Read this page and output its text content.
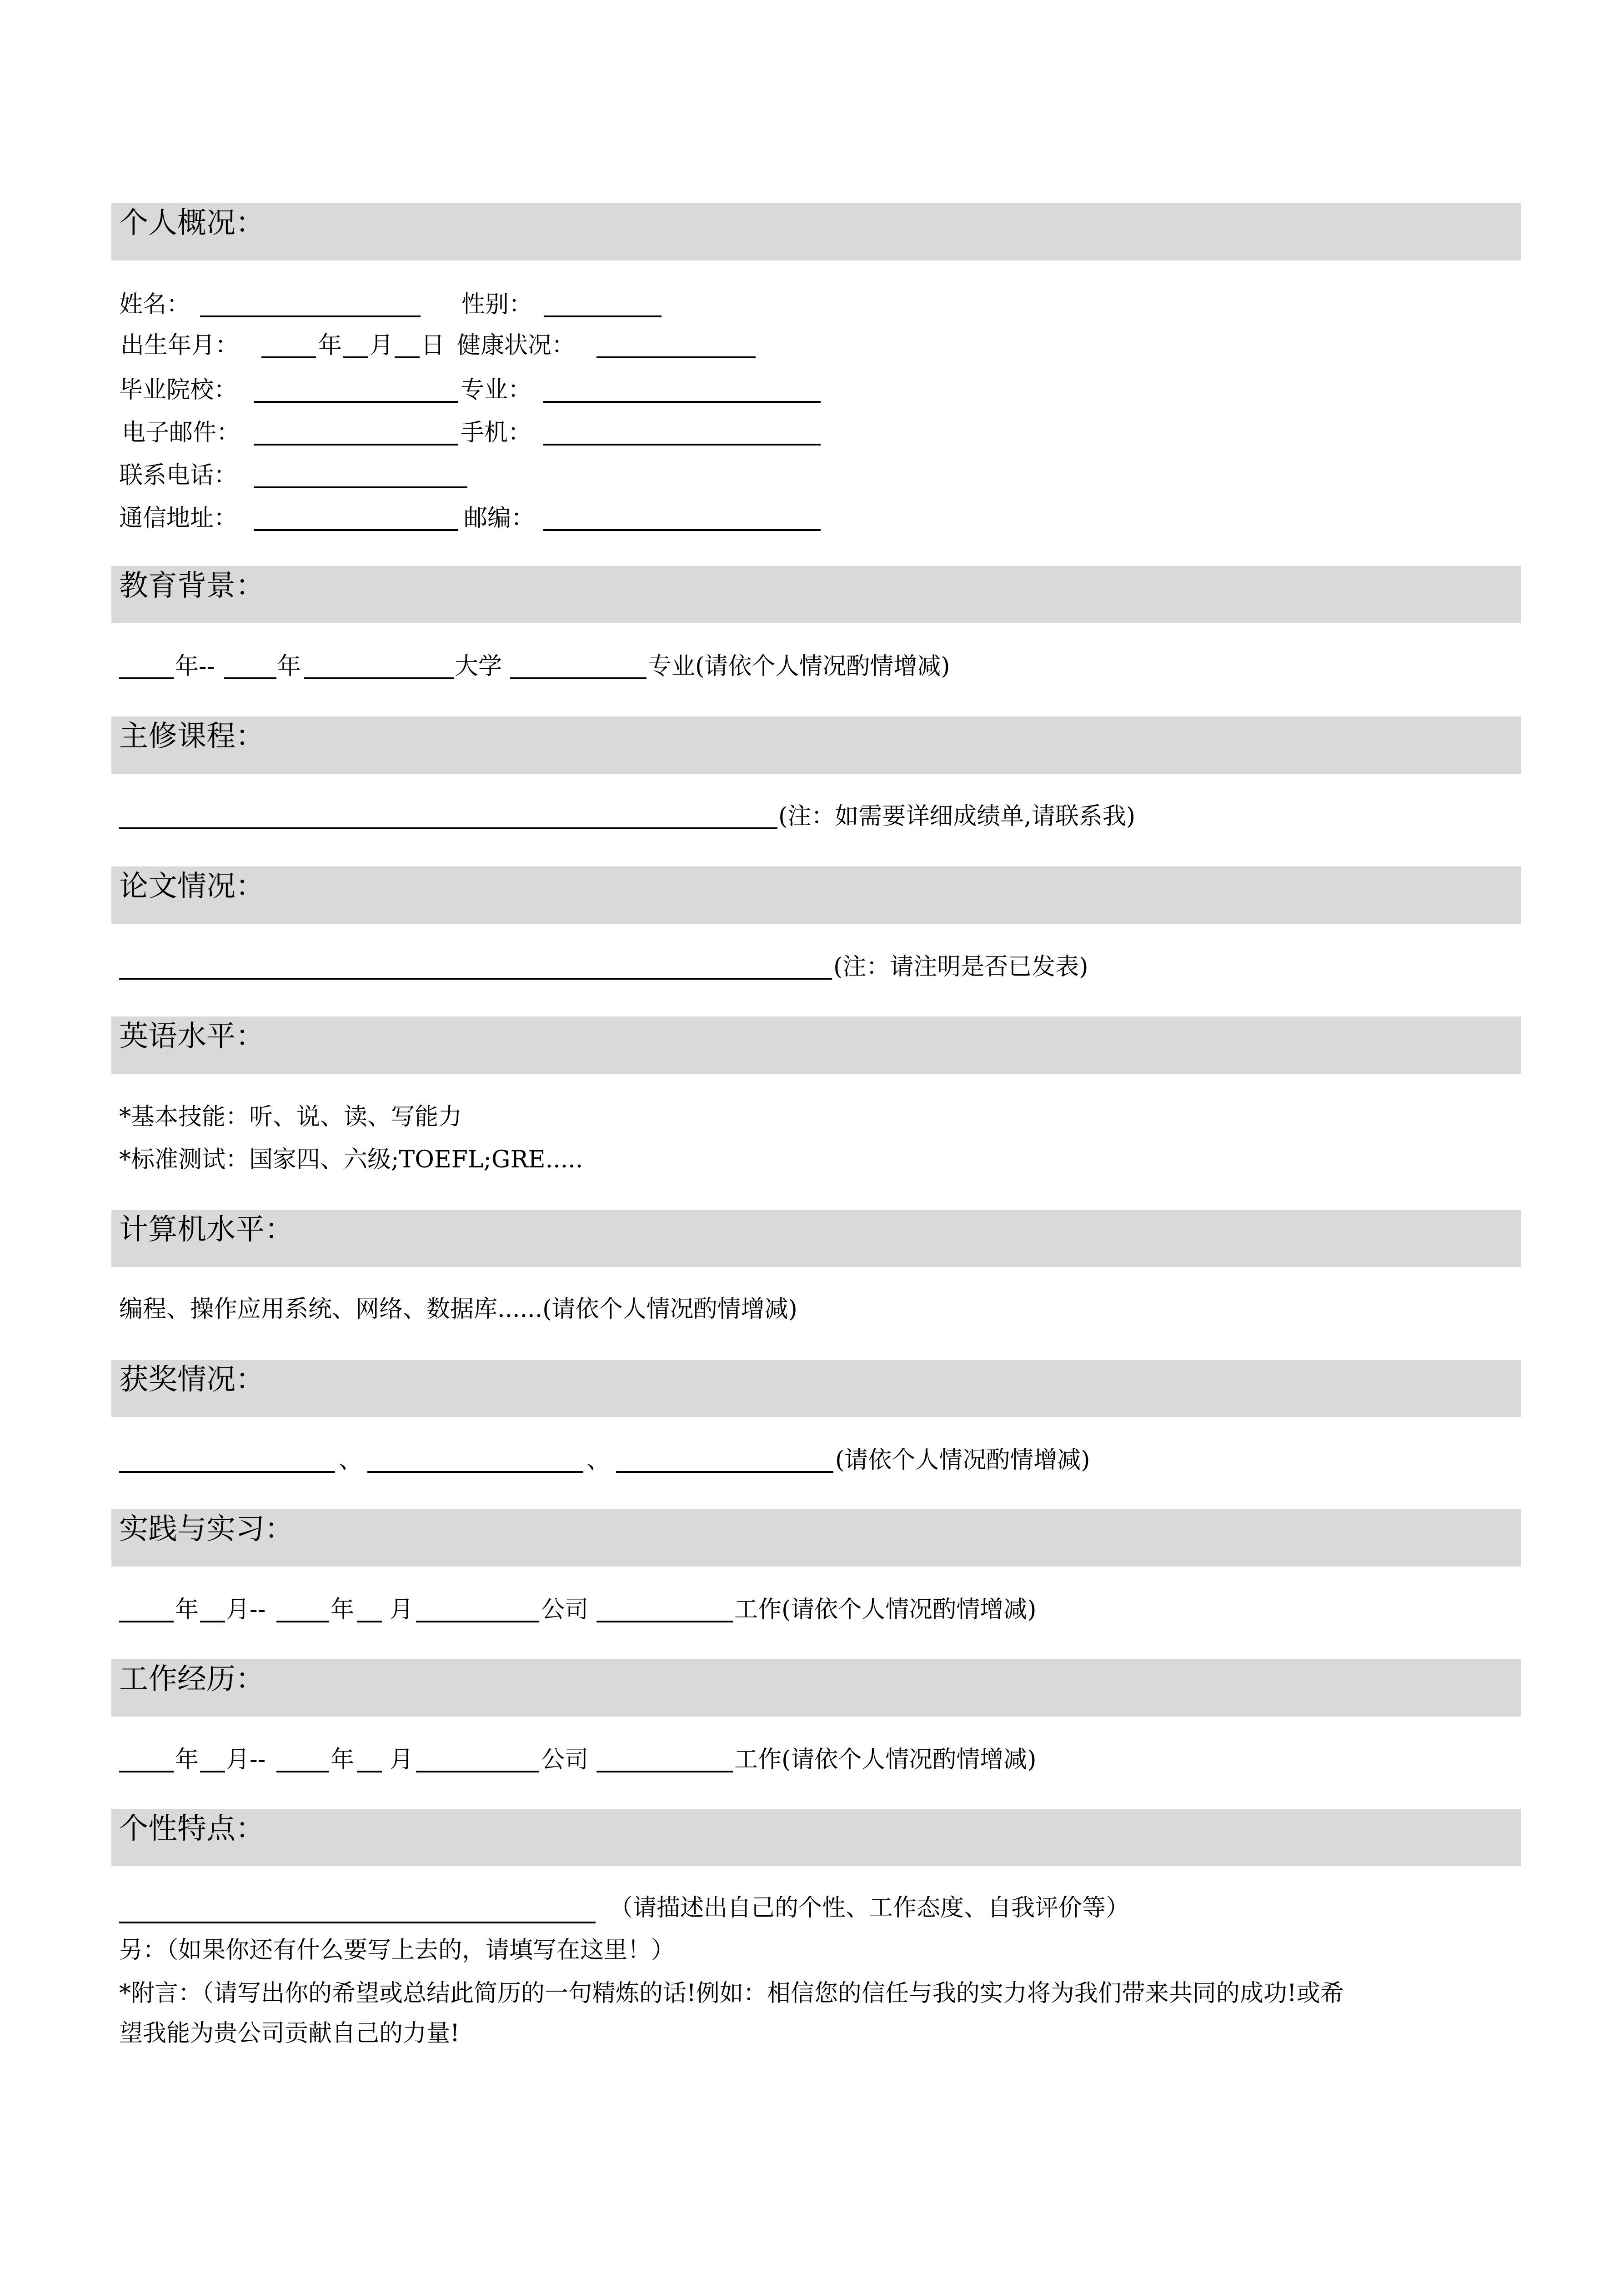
个人概况：
姓名：	性别：
出生年月：	年 月 日 健康状况：
毕业院校：	专业：
电子邮件：	手机：
联系电话：
通信地址：	邮编：
教育背景：
年--	年	大学	专业(请依个人情况酌情增减)
主修课程：
(注：如需要详细成绩单,请联系我)
论文情况：
(注：请注明是否已发表)
英语水平：
*基本技能：听、说、读、写能力
*标准测试：国家四、六级;TOEFL;GRE.....
计算机水平：
编程、操作应用系统、网络、数据库......(请依个人情况酌情增减)
获奖情况：
、	、	(请依个人情况酌情增减)
实践与实习：
年 月--	年 月	公司	工作(请依个人情况酌情增减)
工作经历：
年 月--	年 月	公司	工作(请依个人情况酌情增减)
个性特点：
（请描述出自己的个性、工作态度、自我评价等）
另：（如果你还有什么要写上去的，请填写在这里！）
*附言：（请写出你的希望或总结此简历的一句精炼的话!例如：相信您的信任与我的实力将为我们带来共同的成功!或希
望我能为贵公司贡献自己的力量!
